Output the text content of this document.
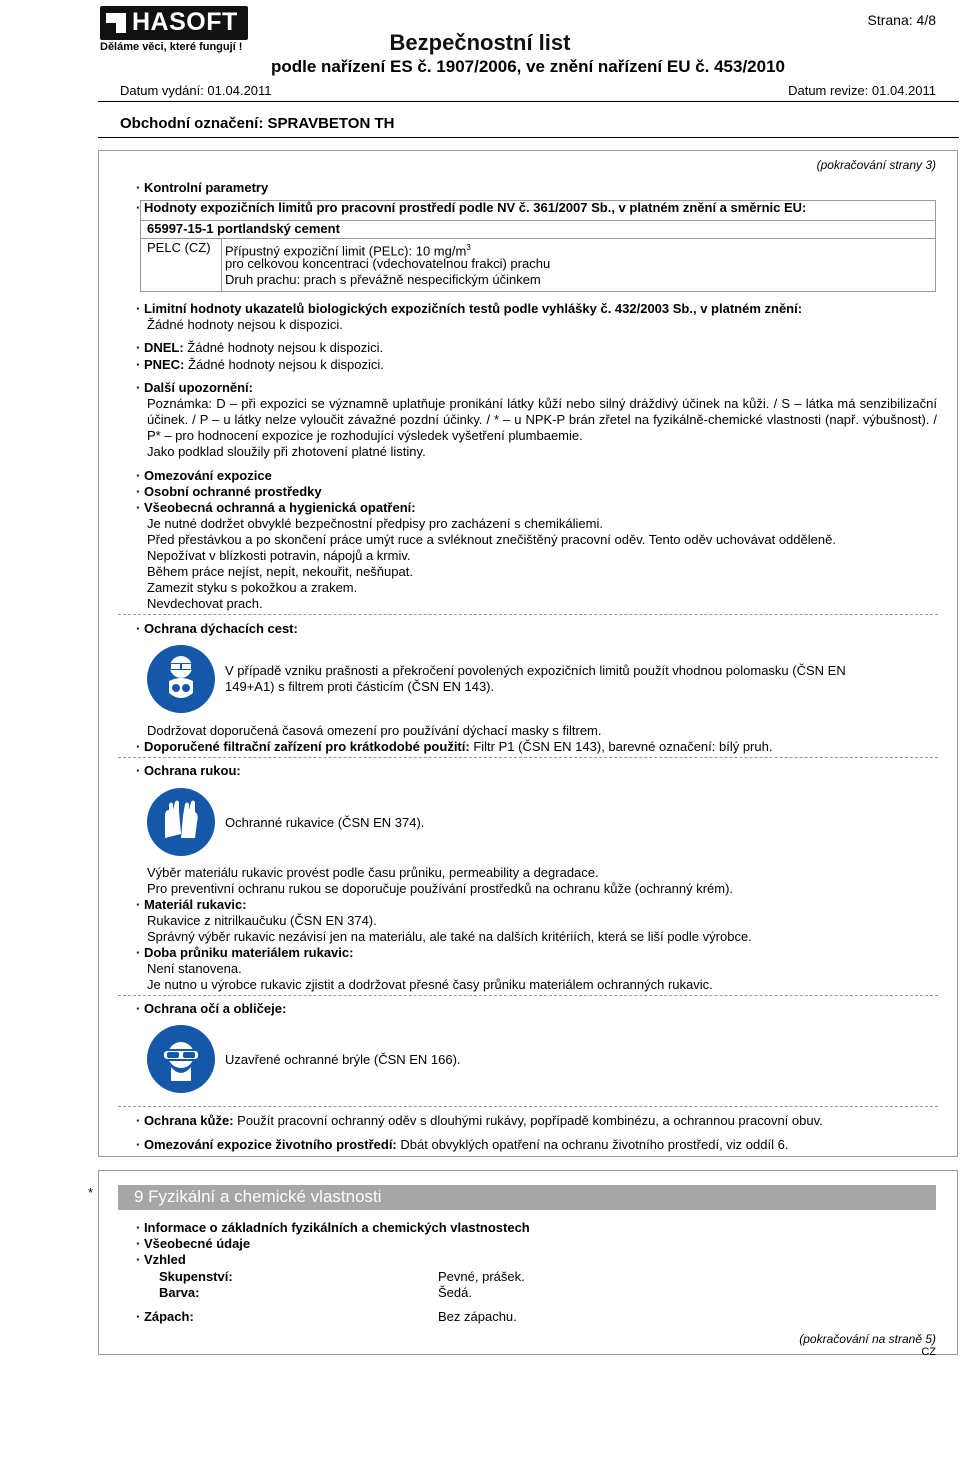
HASOFT
Děláme věci, které fungují !	Bezpečnostní list
podle nařízení ES č. 1907/2006, ve znění nařízení EU č. 453/2010
Strana: 4/8
Datum vydání: 01.04.2011	Datum revize: 01.04.2011
Obchodní označení: SPRAVBETON TH
(pokračování strany 3)
· Kontrolní parametry
· Hodnoty expozičních limitů pro pracovní prostředí podle NV č. 361/2007 Sb., v platném znění a směrnic EU:
65997-15-1 portlandský cement
PELC (CZ) Přípustný expoziční limit (PELc): 10 $mg/m^3$
pro celkovou koncentraci (vdechovatelnou frakci) prachu
Druh prachu: prach s převážně nespecifickým účinkem
· Limitní hodnoty ukazatelů biologických expozičních testů podle vyhlášky č. 432/2003 Sb., v platném znění:
Žádné hodnoty nejsou k dispozici.
· DNEL: Žádné hodnoty nejsou k dispozici.
· PNEC: Žádné hodnoty nejsou k dispozici.
· Další upozornění:
Poznámka: D – při expozici se významně uplatňuje pronikání látky kůží nebo silný dráždivý účinek na kůži. / S – látka má senzibilizační účinek. / P – u látky nelze vyloučit závažné pozdní účinky. / * – u NPK-P brán zřetel na fyzikálně-chemické vlastnosti (např. výbušnost). / P* – pro hodnocení expozice je rozhodující výsledek vyšetření plumbaemie.
Jako podklad sloužily při zhotovení platné listiny.
· Omezování expozice
· Osobní ochranné prostředky
· Všeobecná ochranná a hygienická opatření:
Je nutné dodržet obvyklé bezpečnostní předpisy pro zacházení s chemikáliemi.
Před přestávkou a po skončení práce umýt ruce a svléknout znečištěný pracovní oděv. Tento oděv uchovávat odděleně.
Nepožívat v blízkosti potravin, nápojů a krmiv.
Během práce nejíst, nepít, nekouřit, nešňupat.
Zamezit styku s pokožkou a zrakem.
Nevdechovat prach.
· Ochrana dýchacích cest:
V případě vzniku prašnosti a překročení povolených expozičních limitů použít vhodnou polomasku (ČSN EN
149+A1) s filtrem proti částicím (ČSN EN 143).
Dodržovat doporučená časová omezení pro používání dýchací masky s filtrem.
· Doporučené filtrační zařízení pro krátkodobé použití: Filtr P1 (ČSN EN 143), barevné označení: bílý pruh.
· Ochrana rukou:
Ochranné rukavice (ČSN EN 374).
Výběr materiálu rukavic provést podle času průniku, permeability a degradace.
Pro preventivní ochranu rukou se doporučuje používání prostředků na ochranu kůže (ochranný krém).
· Materiál rukavic:
Rukavice z nitrilkaučuku (ČSN EN 374).
Správný výběr rukavic nezávisí jen na materiálu, ale také na dalších kritériích, která se liší podle výrobce.
· Doba průniku materiálem rukavic:
Není stanovena.
Je nutno u výrobce rukavic zjistit a dodržovat přesné časy průniku materiálem ochranných rukavic.
· Ochrana očí a obličeje:
Uzavřené ochranné brýle (ČSN EN 166).
· Ochrana kůže: Použít pracovní ochranný oděv s dlouhými rukávy, popřípadě kombinézu, a ochrannou pracovní obuv.
· Omezování expozice životního prostředí: Dbát obvyklých opatření na ochranu životního prostředí, viz oddíl 6.
* 9 Fyzikální a chemické vlastnosti
· Informace o základních fyzikálních a chemických vlastnostech
· Všeobecné údaje
· Vzhled
Skupenství:	Pevné, prášek.
Barva:	Šedá.
· Zápach:	Bez zápachu.
(pokračování na straně 5)
CZ
